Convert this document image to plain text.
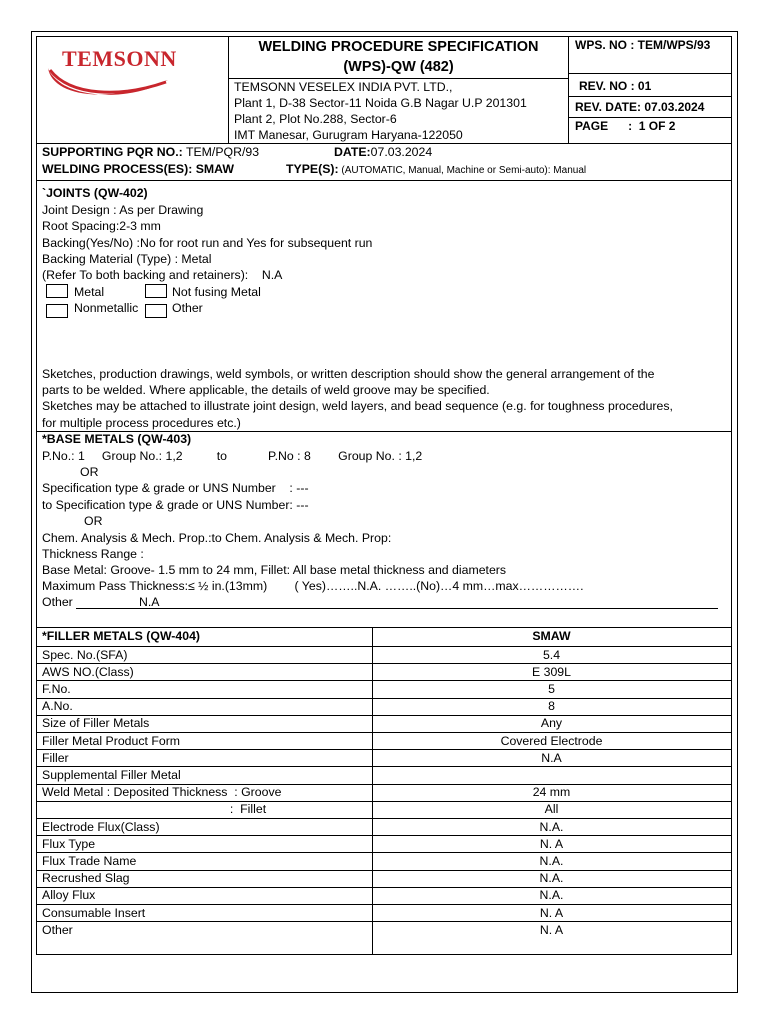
TEMSONN	WELDING PROCEDURE SPECIFICATION
(WPS)-QW (482)
TEMSONN VESELEX INDIA PVT. LTD.,
Plant 1, D-38 Sector-11 Noida G.B Nagar U.P 201301
Plant 2, Plot No.288, Sector-6
IMT Manesar, Gurugram Haryana-122050
WPS. NO : TEM/WPS/93
REV. NO : 01
REV. DATE: 07.03.2024
PAGE      :  1 OF 2
SUPPORTING PQR NO.: TEM/PQR/93	DATE:07.03.2024
WELDING PROCESS(ES): SMAW	TYPE(S): (AUTOMATIC, Manual, Machine or Semi-auto): Manual
`JOINTS (QW-402)
Joint Design : As per Drawing
Root Spacing:2-3 mm
Backing(Yes/No) :No for root run and Yes for subsequent run
Backing Material (Type) : Metal
(Refer To both backing and retainers):    N.A
Metal	Not fusing Metal
Nonmetallic	Other
Sketches, production drawings, weld symbols, or written description should show the general arrangement of the
parts to be welded. Where applicable, the details of weld groove may be specified.
Sketches may be attached to illustrate joint design, weld layers, and bead sequence (e.g. for toughness procedures,
for multiple process procedures etc.)
*BASE METALS (QW-403)
P.No.: 1     Group No.: 1,2          to            P.No : 8        Group No. : 1,2
OR
Specification type & grade or UNS Number    : ---
to Specification type & grade or UNS Number: ---
OR
Chem. Analysis & Mech. Prop.:to Chem. Analysis & Mech. Prop:
Thickness Range :
Base Metal: Groove- 1.5 mm to 24 mm, Fillet: All base metal thickness and diameters
Maximum Pass Thickness:≤ ½ in.(13mm)        ( Yes)……..N.A. ……..(No)…4 mm…max…………….
Other	N.A
*FILLER METALS (QW-404)	SMAW
Spec. No.(SFA)	5.4
AWS NO.(Class)	E 309L
F.No.	5
A.No.	8
Size of Filler Metals	Any
Filler Metal Product Form	Covered Electrode
Filler	N.A
Supplemental Filler Metal
Weld Metal : Deposited Thickness  : Groove	24 mm
:  Fillet	All
Electrode Flux(Class)	N.A.
Flux Type	N. A
Flux Trade Name	N.A.
Recrushed Slag	N.A.
Alloy Flux	N.A.
Consumable Insert	N. A
Other	N. A
